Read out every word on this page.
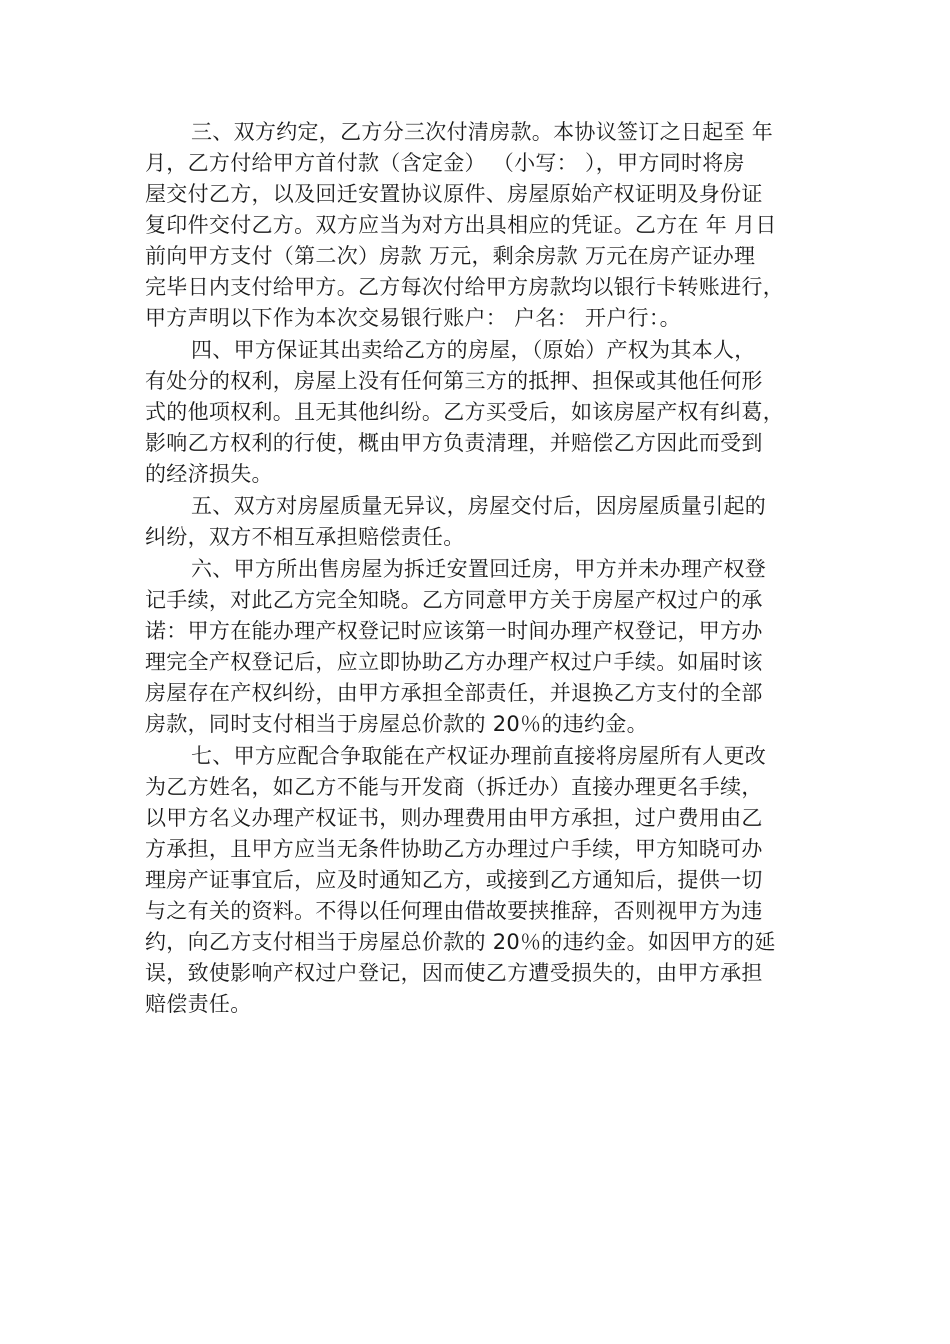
三、双方约定，乙方分三次付清房款。本协议签订之日起至 年
月，乙方付给甲方首付款（含定金） （小写： ），甲方同时将房
屋交付乙方，以及回迁安置协议原件、房屋原始产权证明及身份证
复印件交付乙方。双方应当为对方出具相应的凭证。乙方在 年 月日
前向甲方支付（第二次）房款 万元，剩余房款 万元在房产证办理
完毕日内支付给甲方。乙方每次付给甲方房款均以银行卡转账进行，
甲方声明以下作为本次交易银行账户： 户名： 开户行：。

四、甲方保证其出卖给乙方的房屋，（原始）产权为其本人，
有处分的权利，房屋上没有任何第三方的抵押、担保或其他任何形
式的他项权利。且无其他纠纷。乙方买受后，如该房屋产权有纠葛，
影响乙方权利的行使，概由甲方负责清理，并赔偿乙方因此而受到
的经济损失。

五、双方对房屋质量无异议，房屋交付后，因房屋质量引起的
纠纷，双方不相互承担赔偿责任。

六、甲方所出售房屋为拆迁安置回迁房，甲方并未办理产权登
记手续，对此乙方完全知晓。乙方同意甲方关于房屋产权过户的承
诺：甲方在能办理产权登记时应该第一时间办理产权登记，甲方办
理完全产权登记后，应立即协助乙方办理产权过户手续。如届时该
房屋存在产权纠纷，由甲方承担全部责任，并退换乙方支付的全部
房款，同时支付相当于房屋总价款的 20％的违约金。

七、甲方应配合争取能在产权证办理前直接将房屋所有人更改
为乙方姓名，如乙方不能与开发商（拆迁办）直接办理更名手续，
以甲方名义办理产权证书，则办理费用由甲方承担，过户费用由乙
方承担，且甲方应当无条件协助乙方办理过户手续，甲方知晓可办
理房产证事宜后，应及时通知乙方，或接到乙方通知后，提供一切
与之有关的资料。不得以任何理由借故要挟推辞，否则视甲方为违
约，向乙方支付相当于房屋总价款的 20％的违约金。如因甲方的延
误，致使影响产权过户登记，因而使乙方遭受损失的，由甲方承担
赔偿责任。
